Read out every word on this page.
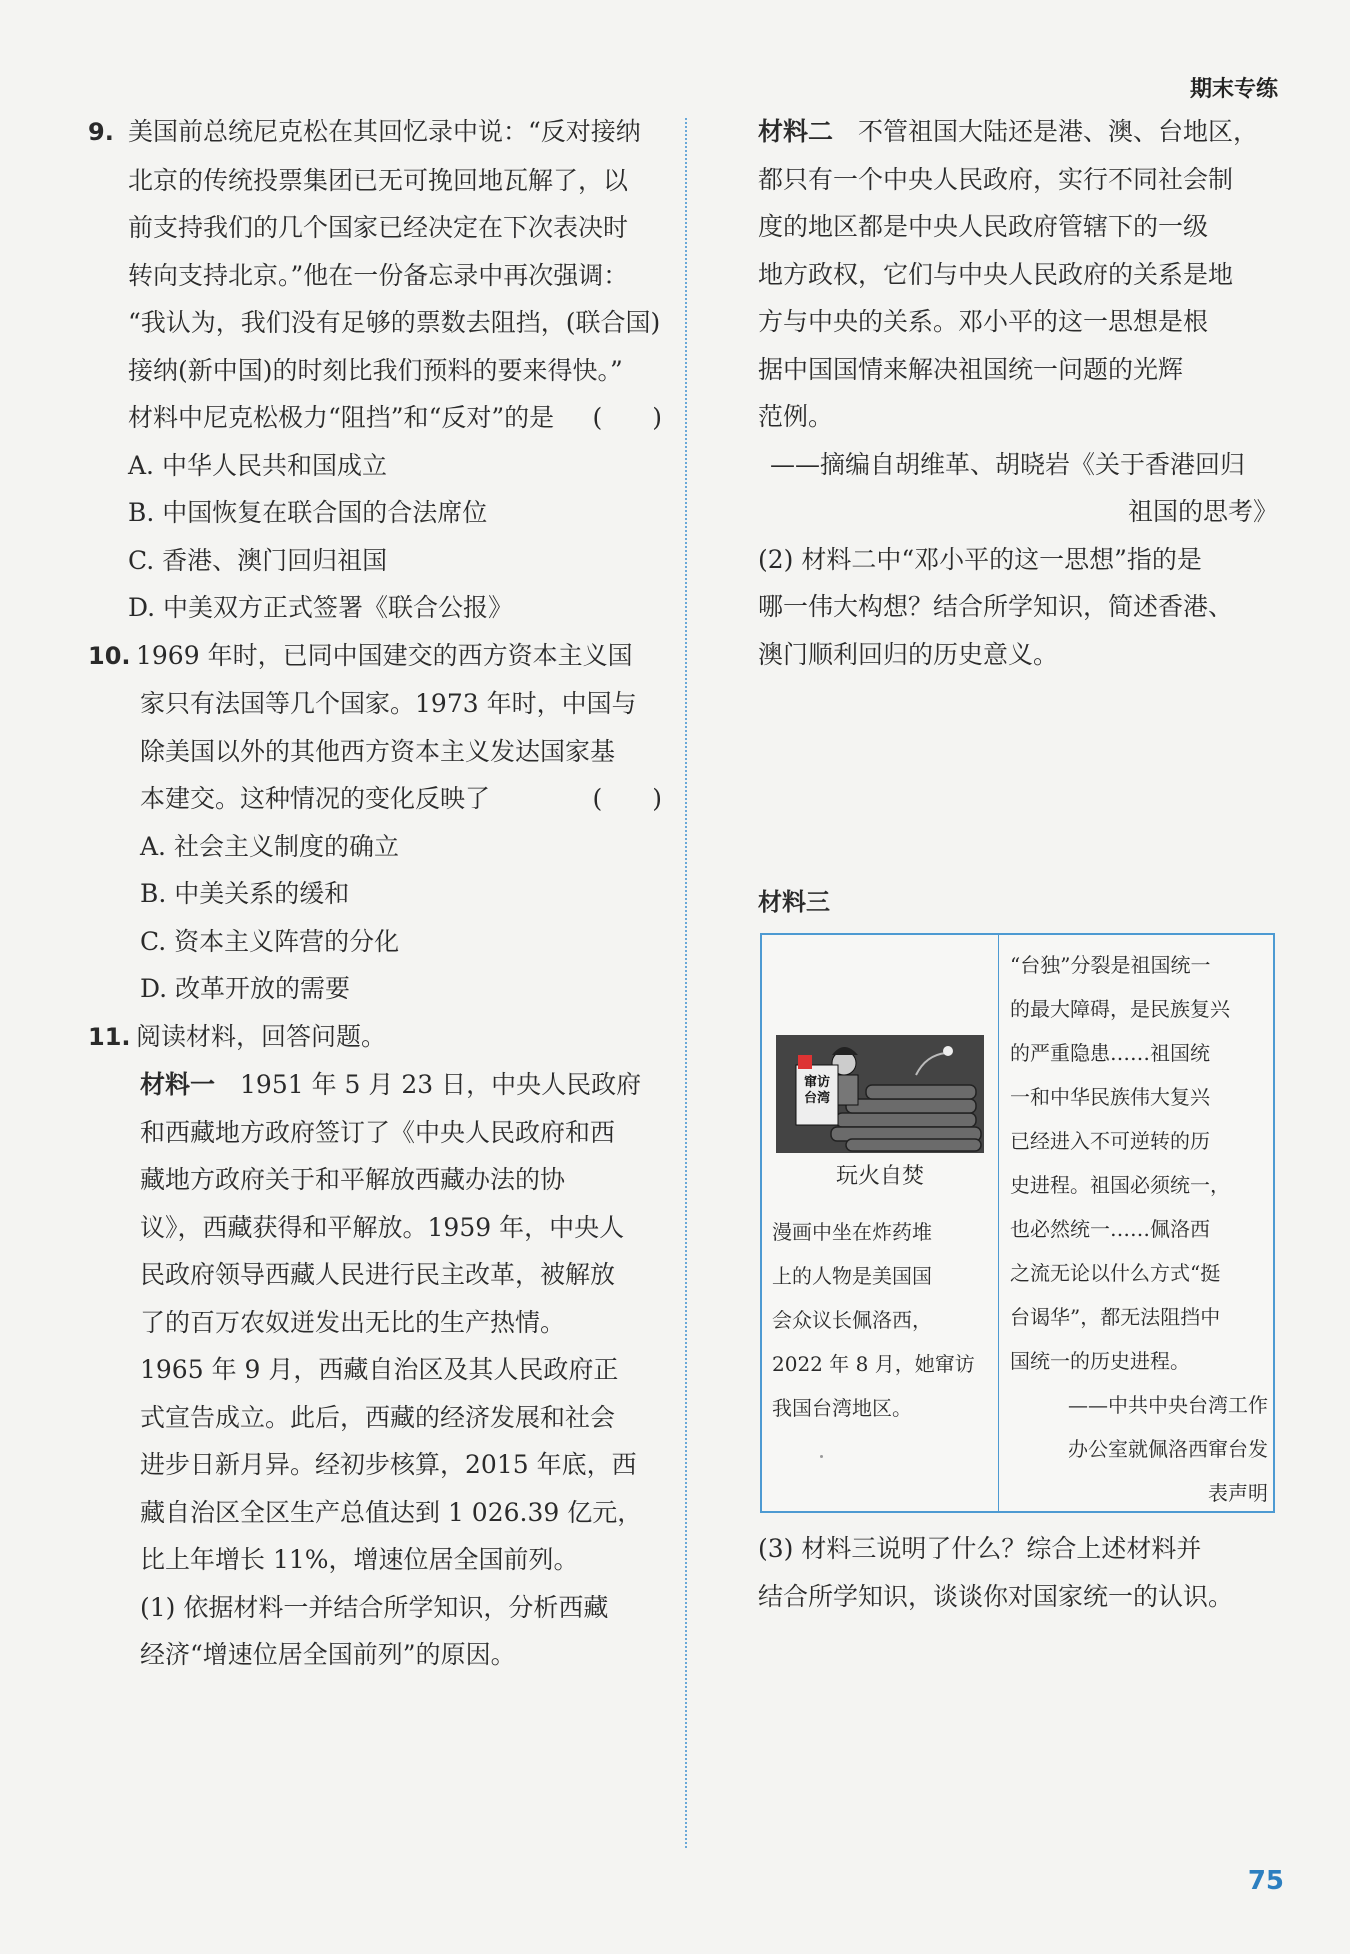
期末专练
9. 美国前总统尼克松在其回忆录中说：“反对接纳
北京的传统投票集团已无可挽回地瓦解了，以
前支持我们的几个国家已经决定在下次表决时
转向支持北京。”他在一份备忘录中再次强调：
“我认为，我们没有足够的票数去阻挡，(联合国)
接纳(新中国)的时刻比我们预料的要来得快。”
材料中尼克松极力“阻挡”和“反对”的是 (　　)
A. 中华人民共和国成立
B. 中国恢复在联合国的合法席位
C. 香港、澳门回归祖国
D. 中美双方正式签署《联合公报》
10. 1969 年时，已同中国建交的西方资本主义国
家只有法国等几个国家。1973 年时，中国与
除美国以外的其他西方资本主义发达国家基
本建交。这种情况的变化反映了	(　　)
A. 社会主义制度的确立
B. 中美关系的缓和
C. 资本主义阵营的分化
D. 改革开放的需要
11. 阅读材料，回答问题。
材料一　1951 年 5 月 23 日，中央人民政府
和西藏地方政府签订了《中央人民政府和西
藏地方政府关于和平解放西藏办法的协
议》，西藏获得和平解放。1959 年，中央人
民政府领导西藏人民进行民主改革，被解放
了的百万农奴迸发出无比的生产热情。
1965 年 9 月，西藏自治区及其人民政府正
式宣告成立。此后，西藏的经济发展和社会
进步日新月异。经初步核算，2015 年底，西
藏自治区全区生产总值达到 1 026.39 亿元，
比上年增长 11%，增速位居全国前列。
(1) 依据材料一并结合所学知识，分析西藏
经济“增速位居全国前列”的原因。
材料二　不管祖国大陆还是港、澳、台地区，
都只有一个中央人民政府，实行不同社会制
度的地区都是中央人民政府管辖下的一级
地方政权，它们与中央人民政府的关系是地
方与中央的关系。邓小平的这一思想是根
据中国国情来解决祖国统一问题的光辉
范例。
——摘编自胡维革、胡晓岩《关于香港回归
祖国的思考》
(2) 材料二中“邓小平的这一思想”指的是
哪一伟大构想？结合所学知识，简述香港、
澳门顺利回归的历史意义。
材料三
窜访台湾
玩火自焚
漫画中坐在炸药堆
上的人物是美国国
会众议长佩洛西，
2022 年 8 月，她窜访
我国台湾地区。
“台独”分裂是祖国统一
的最大障碍，是民族复兴
的严重隐患……祖国统
一和中华民族伟大复兴
已经进入不可逆转的历
史进程。祖国必须统一，
也必然统一……佩洛西
之流无论以什么方式“挺
台谒华”，都无法阻挡中
国统一的历史进程。
——中共中央台湾工作
办公室就佩洛西窜台发
表声明
(3) 材料三说明了什么？综合上述材料并
结合所学知识，谈谈你对国家统一的认识。
75
